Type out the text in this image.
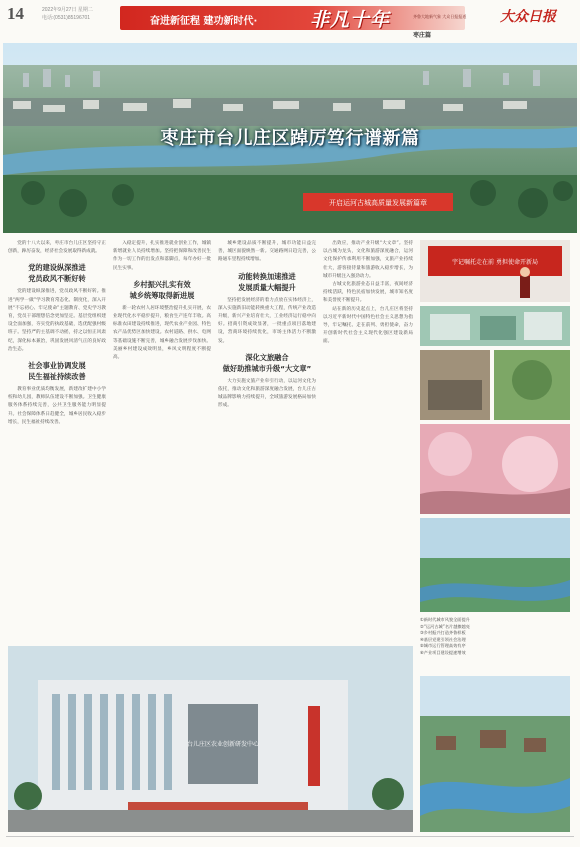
14	2022年9月27日 星期二
电话:(0531)85196701	奋进新征程 建功新时代·	非凡十年	齐鲁大地新气象 大众日报报道 大众日报
枣庄篇
开启运河古城高质量发展新篇章
枣庄市台儿庄区踔厉笃行谱新篇

党的十八大以来，枣庄市台儿庄区坚持守正创新，踔厉奋发，经济社会发展取得新成就。

党的建设纵深推进
党员政风不断好转

党的建设纵深推进，党员政风不断好转。推进“两学一做”学习教育常态化、制度化，深入开展“不忘初心、牢记使命”主题教育、党史学习教育，党员干部理想信念更加坚定。基层党组织建设全面加强，夯实党的执政基础，选优配强村级班子。坚持严的主基调不动摇，持之以恒正风肃纪，深化标本兼治，巩固发展风清气正的良好政治生态。

社会事业协调发展
民生福祉持续改善

教育事业优质均衡发展，新建改扩建中小学校和幼儿园，教师队伍建设不断加强。卫生健康服务体系持续完善，公共卫生服务能力明显提升。社会保障体系日趋健全，城乡居民收入稳步增长，民生福祉持续改善。

入稳定提升，扎实推进就业创业工作，城镇新增就业人员持续增加。坚持把保障和改善民生作为一切工作的出发点和落脚点，每年办好一批民生实事。

乡村振兴扎实有效
城乡统筹取得新进展

新一轮农村人居环境整治提升扎实开展，农业现代化水平稳步提升，粮食生产连年丰收。高标准农田建设持续推进，现代农业产业园、特色农产品优势区加快建设。农村道路、供水、电网等基础设施不断完善，城乡融合发展步伐加快。美丽乡村建设成效明显，乡风文明程度不断提高。

城乡建设品质不断提升，城市功能日益完善，城区面貌焕然一新。交通路网日趋完善，公路通车里程持续增加。

动能转换加速推进
发展质量大幅提升

坚持把发展经济的着力点放在实体经济上，深入实施新旧动能转换重大工程，传统产业改造升级，新兴产业培育壮大，工业经济运行稳中向好。招商引资成效显著，一批重点项目落地建设，营商环境持续优化，市场主体活力不断激发。

深化文旅融合
做好助推城市升级“大文章”

大力实施文旅产业牵引行动，以运河文化为依托，推动文化和旅游深度融合发展，台儿庄古城品牌影响力持续提升，全域旅游发展格局加快形成。

出效应，推动产业升级“大文章”。坚持以古城为龙头，文化和旅游深度融合，运河文化保护传承利用不断加强，文旅产业持续壮大，游客接待量和旅游收入稳步增长，为城市升级注入强劲动力。

古城文化旅游业态日益丰富，夜间经济持续活跃，特色民宿加快发展，城市知名度和美誉度不断提升。

站在新的历史起点上，台儿庄区将坚持以习近平新时代中国特色社会主义思想为指导，牢记嘱托、走在前列、勇担使命，奋力开创新时代社会主义现代化强区建设新局面。

宇记嘱托走在前 勇担使命开新局
①新时代城市风貌全面提升
②“运河古城”名片越擦越亮
③乡村振兴打造齐鲁样板
④基层党建引领社会治理
⑤城市运行管理高效有序
⑥产业项目建设提速增效
台儿庄区农业创新研发中心
